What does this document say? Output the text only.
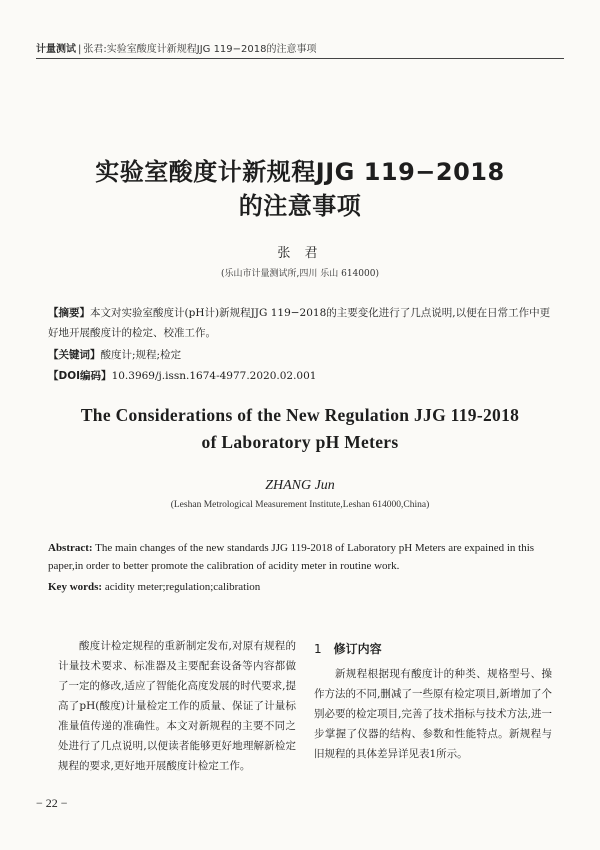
计量测试 | 张君:实验室酸度计新规程JJG 119−2018的注意事项
实验室酸度计新规程JJG 119−2018
的注意事项
张 君
(乐山市计量测试所,四川 乐山 614000)
【摘要】本文对实验室酸度计(pH计)新规程JJG 119−2018的主要变化进行了几点说明,以便在日常工作中更好地开展酸度计的检定、校准工作。
【关键词】酸度计;规程;检定
【DOI编码】10.3969/j.issn.1674-4977.2020.02.001
The Considerations of the New Regulation JJG 119-2018
of Laboratory pH Meters
ZHANG Jun
(Leshan Metrological Measurement Institute,Leshan 614000,China)
Abstract: The main changes of the new standards JJG 119-2018 of Laboratory pH Meters are expained in this paper,in order to better promote the calibration of acidity meter in routine work.
Key words: acidity meter;regulation;calibration
酸度计检定规程的重新制定发布,对原有规程的计量技术要求、标准器及主要配套设备等内容都做了一定的修改,适应了智能化高度发展的时代要求,提高了pH(酸度)计量检定工作的质量、保证了计量标准量值传递的准确性。本文对新规程的主要不同之处进行了几点说明,以便读者能够更好地理解新检定规程的要求,更好地开展酸度计检定工作。
1 修订内容
新规程根据现有酸度计的种类、规格型号、操作方法的不同,删减了一些原有检定项目,新增加了个别必要的检定项目,完善了技术指标与技术方法,进一步掌握了仪器的结构、参数和性能特点。新规程与旧规程的具体差异详见表1所示。
− 22 −
